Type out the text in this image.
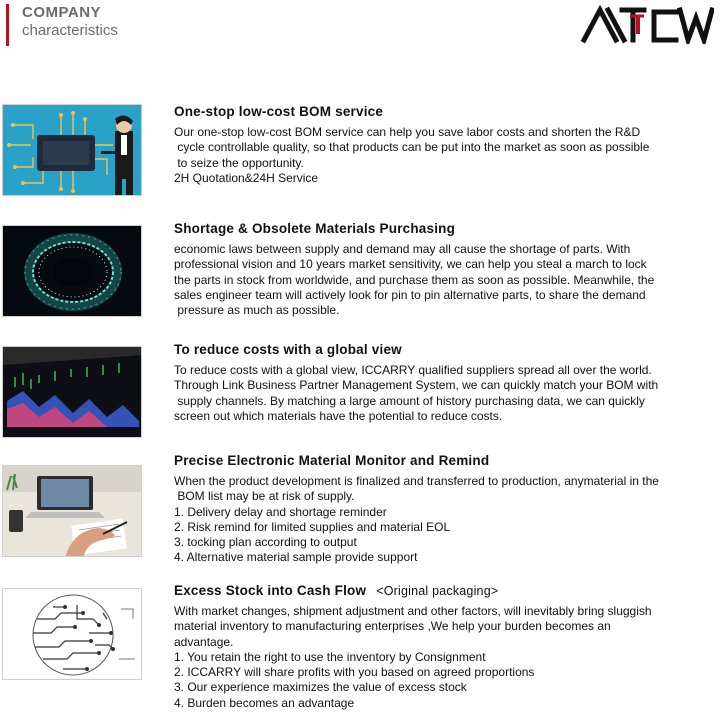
COMPANY
characteristics
One-stop low-cost BOM service
Our one-stop low-cost BOM service can help you save labor costs and shorten the R&D
cycle controllable quality, so that products can be put into the market as soon as possible
to seize the opportunity.
2H Quotation&24H Service
Shortage & Obsolete Materials Purchasing
economic laws between supply and demand may all cause the shortage of parts. With
professional vision and 10 years market sensitivity, we can help you steal a march to lock
the parts in stock from worldwide, and purchase them as soon as possible. Meanwhile, the
sales engineer team will actively look for pin to pin alternative parts, to share the demand
pressure as much as possible.
To reduce costs with a global view
To reduce costs with a global view, ICCARRY qualified suppliers spread all over the world.
Through Link Business Partner Management System, we can quickly match your BOM with
supply channels. By matching a large amount of history purchasing data, we can quickly
screen out which materials have the potential to reduce costs.
Precise Electronic Material Monitor and Remind
When the product development is finalized and transferred to production, anymaterial in the
BOM list may be at risk of supply.
1. Delivery delay and shortage reminder
2. Risk remind for limited supplies and material EOL
3. tocking plan according to output
4. Alternative material sample provide support
Excess Stock into Cash Flow <Original packaging>
With market changes, shipment adjustment and other factors, will inevitably bring sluggish
material inventory to manufacturing enterprises ,We help your burden becomes an
advantage.
1. You retain the right to use the inventory by Consignment
2. ICCARRY will share profits with you based on agreed proportions
3. Our experience maximizes the value of excess stock
4. Burden becomes an advantage
